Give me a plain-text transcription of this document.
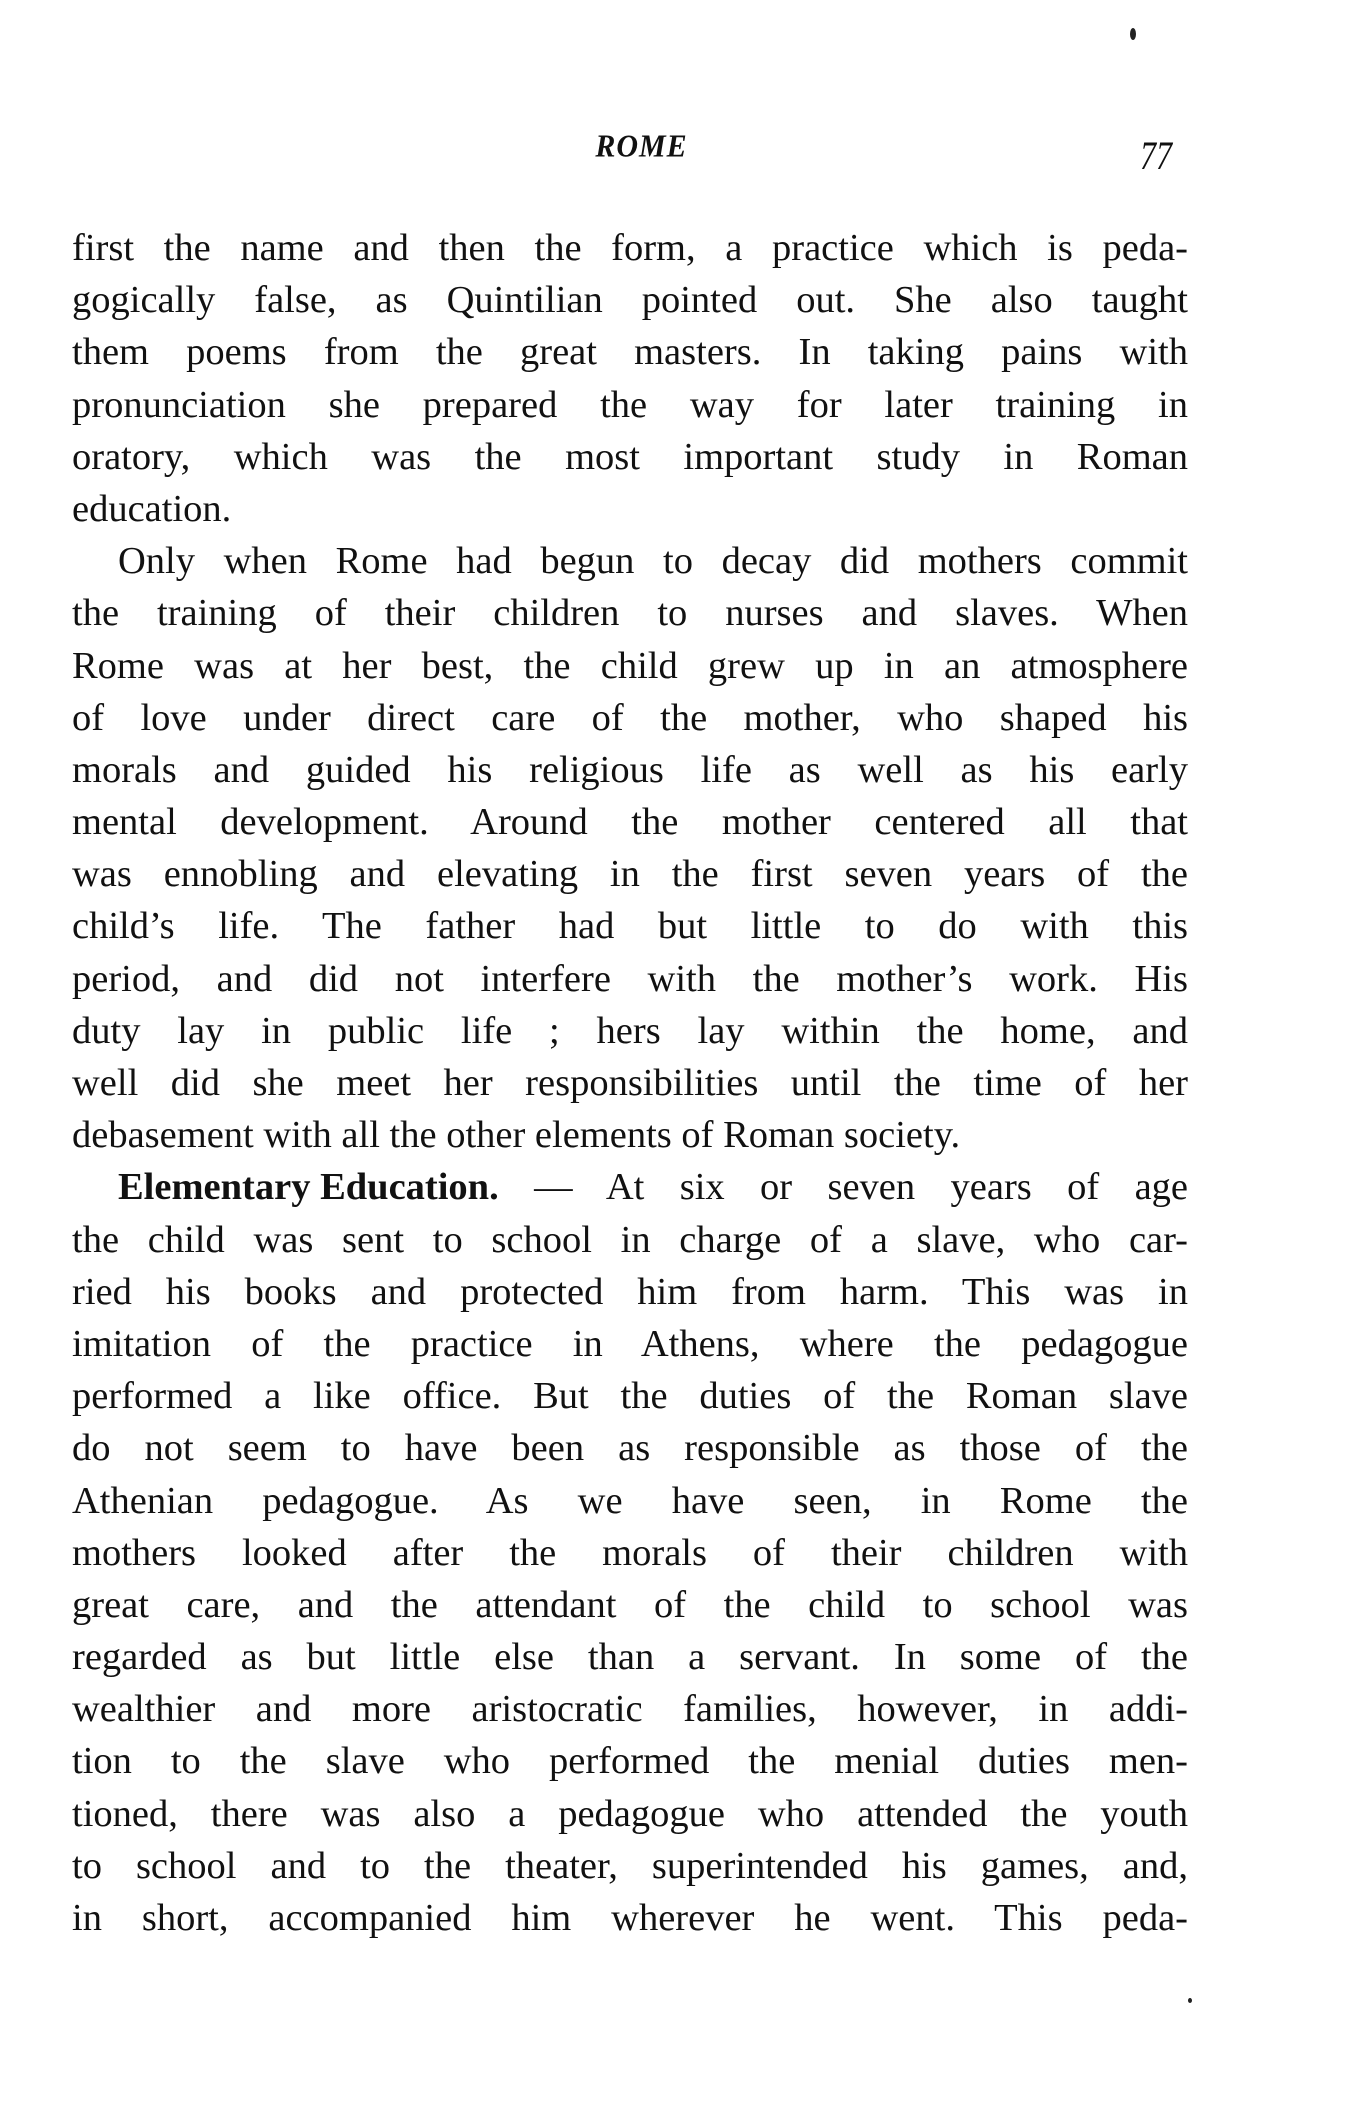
ROME	77
first the name and then the form, a practice which is peda-
gogically false, as Quintilian pointed out. She also taught
them poems from the great masters. In taking pains with
pronunciation she prepared the way for later training in
oratory, which was the most important study in Roman
education.
Only when Rome had begun to decay did mothers commit
the training of their children to nurses and slaves. When
Rome was at her best, the child grew up in an atmosphere
of love under direct care of the mother, who shaped his
morals and guided his religious life as well as his early
mental development. Around the mother centered all that
was ennobling and elevating in the first seven years of the
child’s life. The father had but little to do with this
period, and did not interfere with the mother’s work. His
duty lay in public life ; hers lay within the home, and
well did she meet her responsibilities until the time of her
debasement with all the other elements of Roman society.
Elementary Education. — At six or seven years of age
the child was sent to school in charge of a slave, who car-
ried his books and protected him from harm. This was in
imitation of the practice in Athens, where the pedagogue
performed a like office. But the duties of the Roman slave
do not seem to have been as responsible as those of the
Athenian pedagogue. As we have seen, in Rome the
mothers looked after the morals of their children with
great care, and the attendant of the child to school was
regarded as but little else than a servant. In some of the
wealthier and more aristocratic families, however, in addi-
tion to the slave who performed the menial duties men-
tioned, there was also a pedagogue who attended the youth
to school and to the theater, superintended his games, and,
in short, accompanied him wherever he went. This peda-
